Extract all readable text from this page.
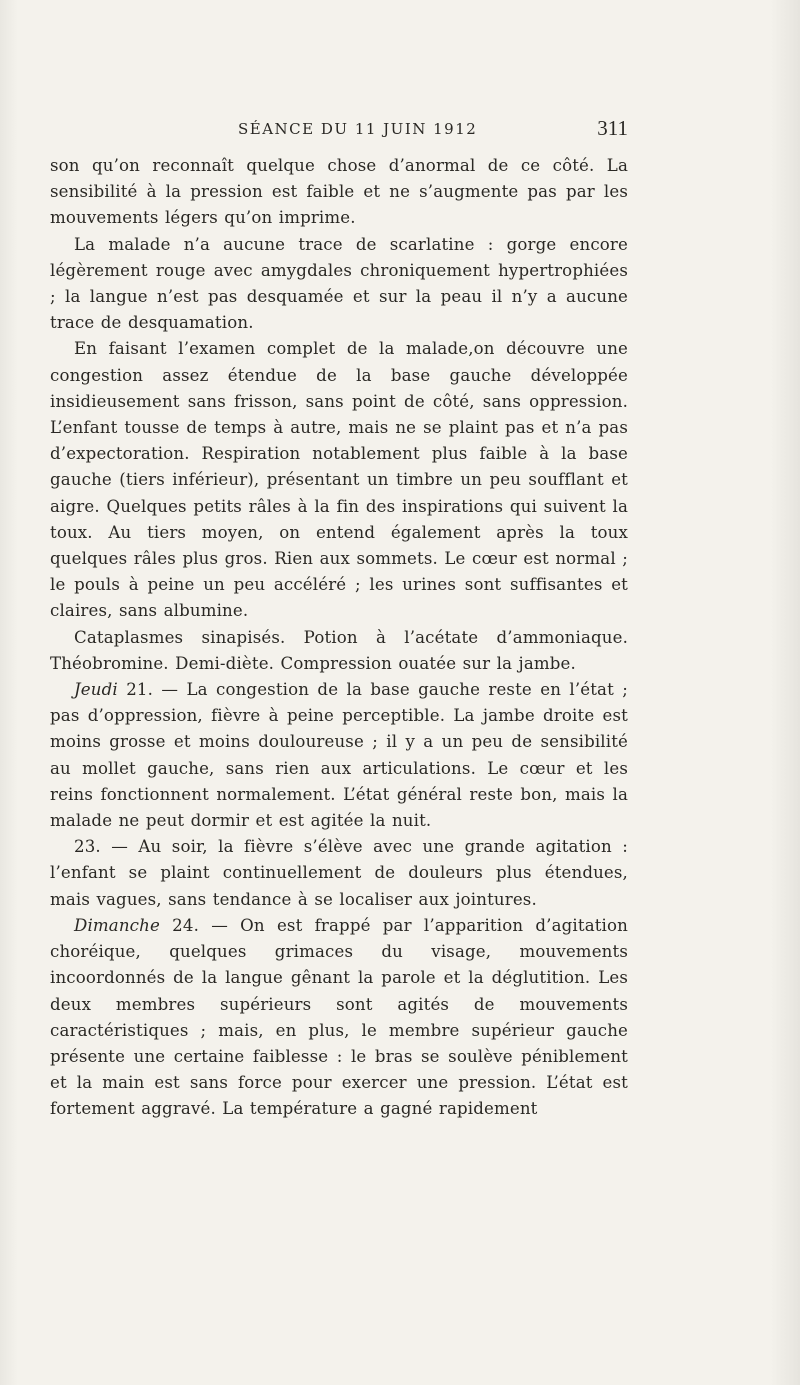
SÉANCE DU 11 JUIN 1912	311

son qu’on reconnaît quelque chose d’anormal de ce côté. La sensibilité à la pression est faible et ne s’augmente pas par les mouvements légers qu’on imprime.

La malade n’a aucune trace de scarlatine : gorge encore légèrement rouge avec amygdales chroniquement hypertrophiées ; la langue n’est pas desquamée et sur la peau il n’y a aucune trace de desquamation.

En faisant l’examen complet de la malade,on découvre une congestion assez étendue de la base gauche développée insidieusement sans frisson, sans point de côté, sans oppression. L’enfant tousse de temps à autre, mais ne se plaint pas et n’a pas d’expectoration. Respiration notablement plus faible à la base gauche (tiers inférieur), présentant un timbre un peu soufflant et aigre. Quelques petits râles à la fin des inspirations qui suivent la toux. Au tiers moyen, on entend également après la toux quelques râles plus gros. Rien aux sommets. Le cœur est normal ; le pouls à peine un peu accéléré ; les urines sont suffisantes et claires, sans albumine.

Cataplasmes sinapisés. Potion à l’acétate d’ammoniaque. Théobromine. Demi-diète. Compression ouatée sur la jambe.

Jeudi 21. — La congestion de la base gauche reste en l’état ; pas d’oppression, fièvre à peine perceptible. La jambe droite est moins grosse et moins douloureuse ; il y a un peu de sensibilité au mollet gauche, sans rien aux articulations. Le cœur et les reins fonctionnent normalement. L’état général reste bon, mais la malade ne peut dormir et est agitée la nuit.

23. — Au soir, la fièvre s’élève avec une grande agitation : l’enfant se plaint continuellement de douleurs plus étendues, mais vagues, sans tendance à se localiser aux jointures.

Dimanche 24. — On est frappé par l’apparition d’agitation choréique, quelques grimaces du visage, mouvements incoordonnés de la langue gênant la parole et la déglutition. Les deux membres supérieurs sont agités de mouvements caractéristiques ; mais, en plus, le membre supérieur gauche présente une certaine faiblesse : le bras se soulève péniblement et la main est sans force pour exercer une pression. L’état est fortement aggravé. La température a gagné rapidement
